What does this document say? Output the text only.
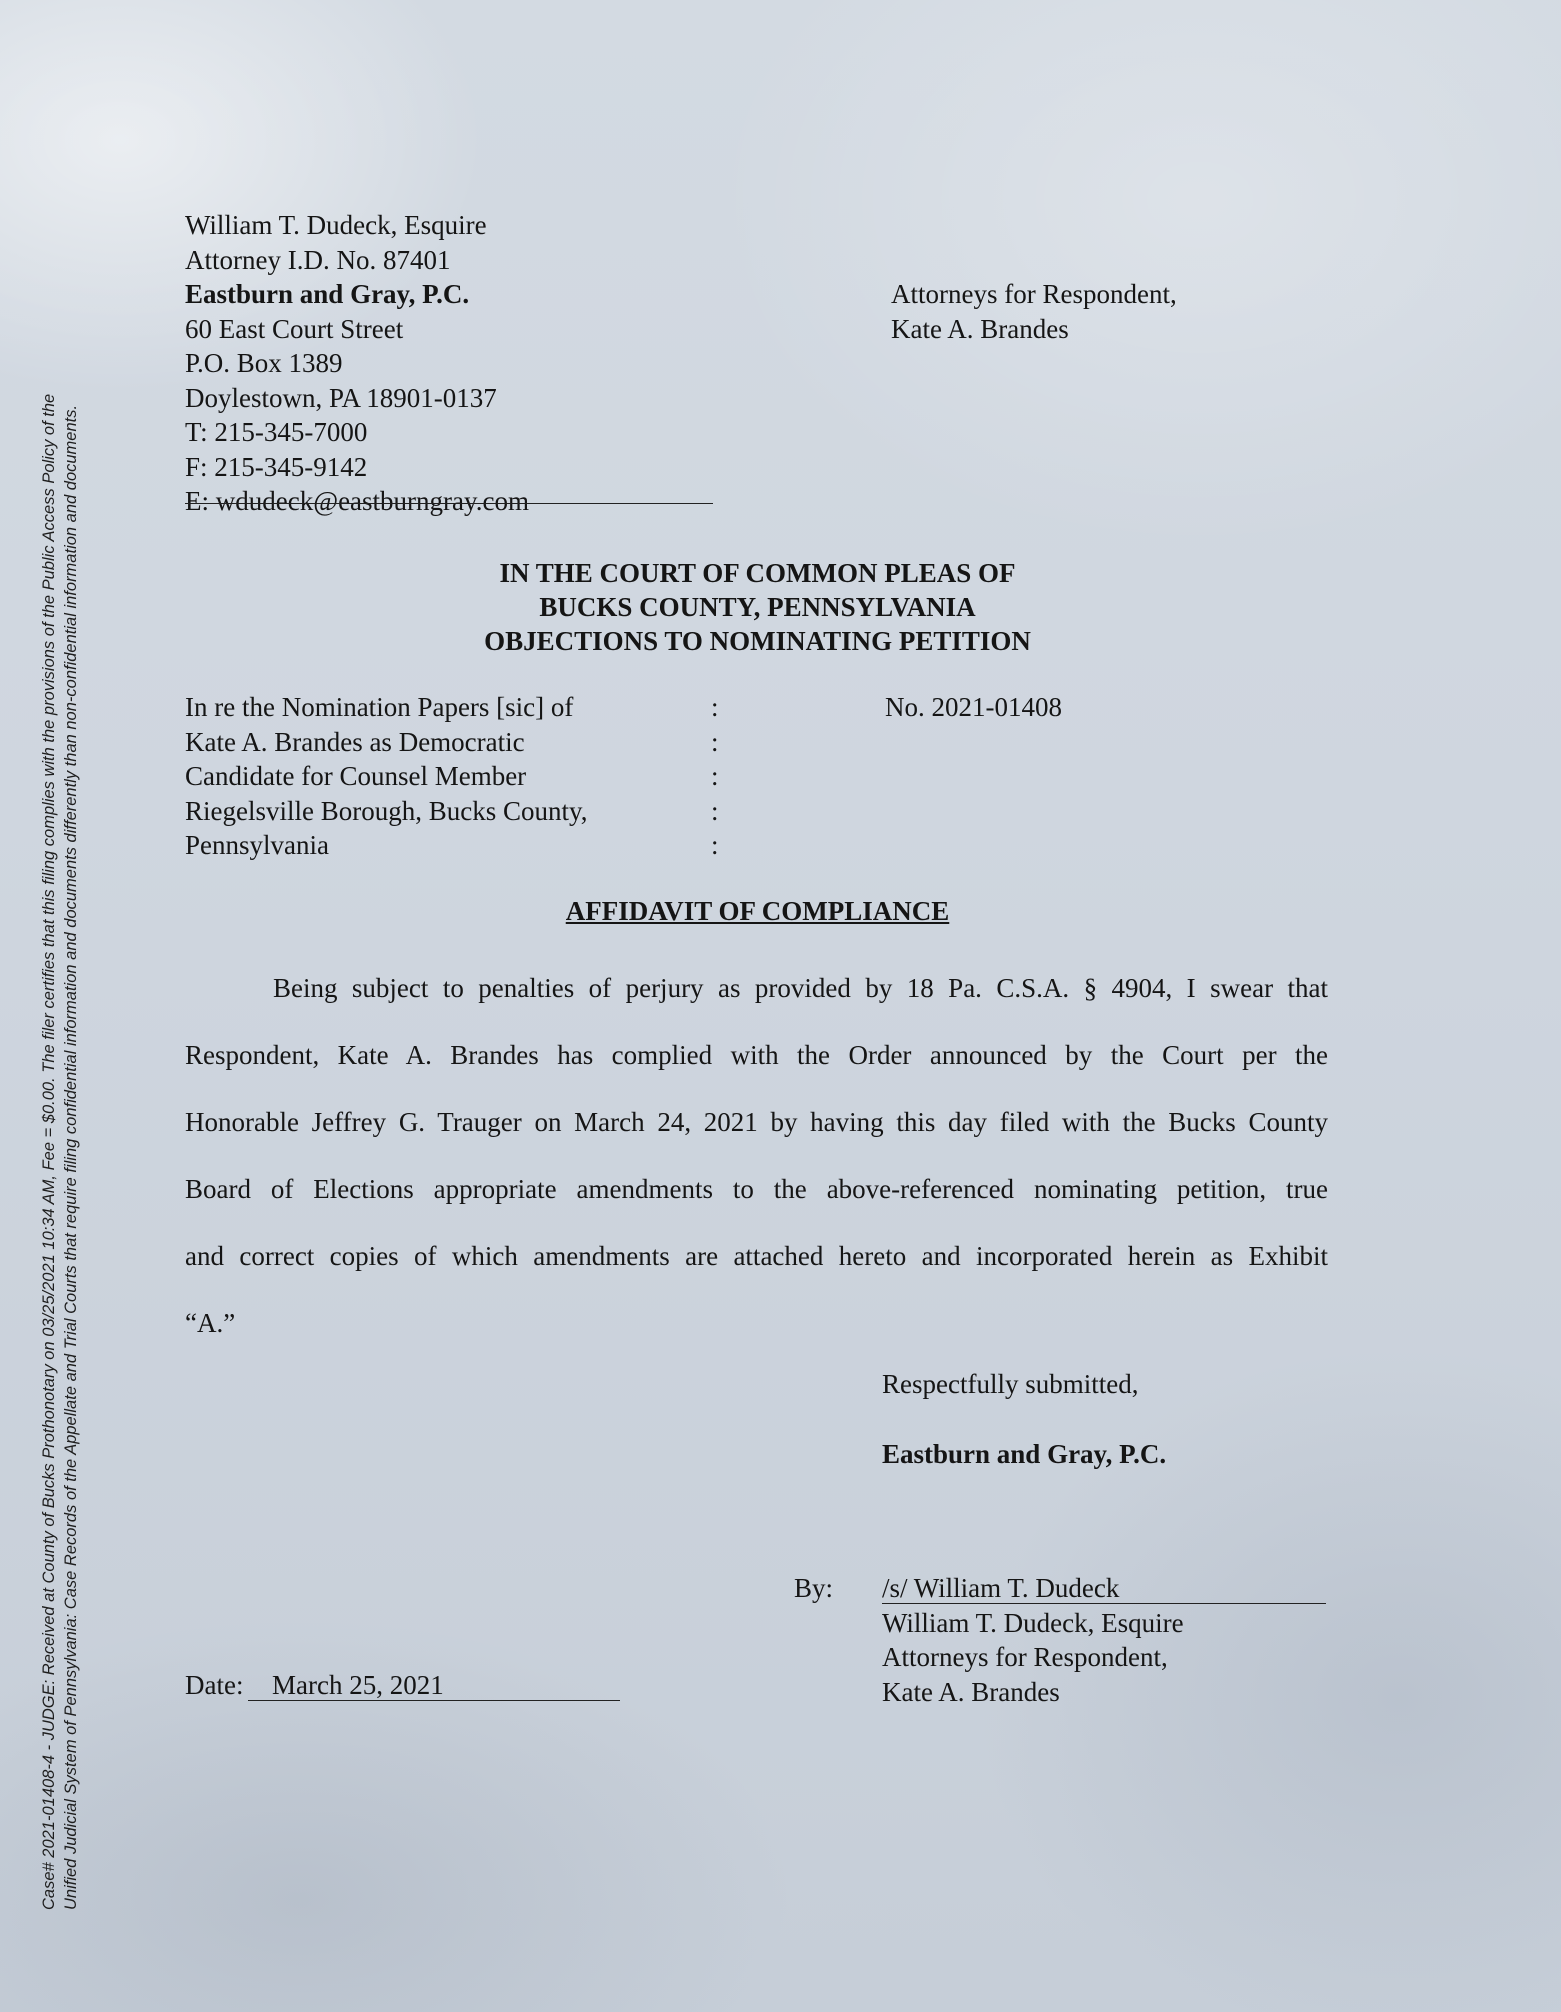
Case# 2021-01408-4 - JUDGE: Received at County of Bucks Prothonotary on 03/25/2021 10:34 AM, Fee = $0.00. The filer certifies that this filing complies with the provisions of the Public Access Policy of the Unified Judicial System of Pennsylvania: Case Records of the Appellate and Trial Courts that require filing confidential information and documents differently than non-confidential information and documents.
William T. Dudeck, Esquire
Attorney I.D. No. 87401
Eastburn and Gray, P.C.
60 East Court Street
P.O. Box 1389
Doylestown, PA 18901-0137
T: 215-345-7000
F: 215-345-9142
E: wdudeck@eastburngray.com
Attorneys for Respondent,
Kate A. Brandes
IN THE COURT OF COMMON PLEAS OF
BUCKS COUNTY, PENNSYLVANIA
OBJECTIONS TO NOMINATING PETITION
In re the Nomination Papers [sic] of
Kate A. Brandes as Democratic
Candidate for Counsel Member
Riegelsville Borough, Bucks County,
Pennsylvania
:
:
:
:
:
No. 2021-01408
AFFIDAVIT OF COMPLIANCE
Being subject to penalties of perjury as provided by 18 Pa. C.S.A. § 4904, I swear that
Respondent, Kate A. Brandes has complied with the Order announced by the Court per the
Honorable Jeffrey G. Trauger on March 24, 2021 by having this day filed with the Bucks County
Board of Elections appropriate amendments to the above-referenced nominating petition, true
and correct copies of which amendments are attached hereto and incorporated herein as Exhibit
“A.”
Respectfully submitted,
Eastburn and Gray, P.C.
By: /s/ William T. Dudeck
William T. Dudeck, Esquire
Attorneys for Respondent,
Kate A. Brandes
Date: March 25, 2021
